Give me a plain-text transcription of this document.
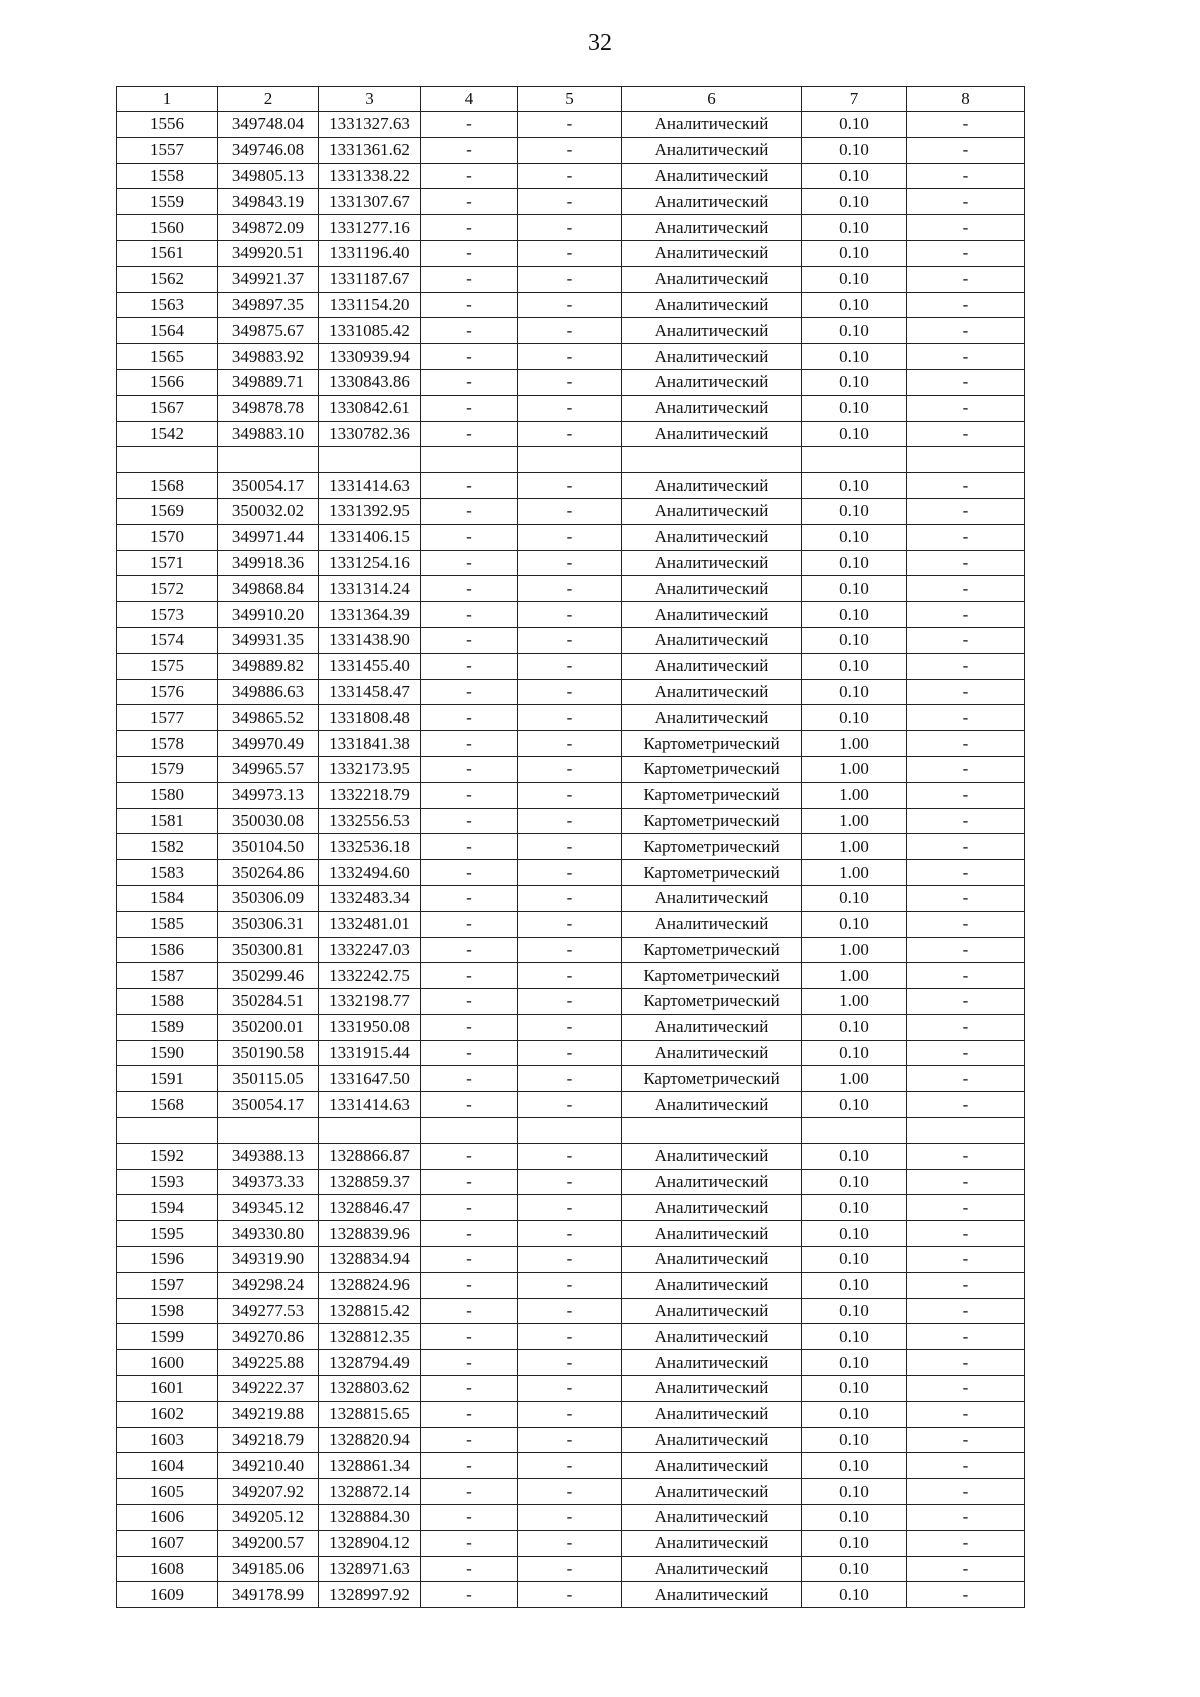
32
1	2	3	4	5	6	7	8
1556	349748.04	1331327.63	-	-	Аналитический	0.10	-
1557	349746.08	1331361.62	-	-	Аналитический	0.10	-
1558	349805.13	1331338.22	-	-	Аналитический	0.10	-
1559	349843.19	1331307.67	-	-	Аналитический	0.10	-
1560	349872.09	1331277.16	-	-	Аналитический	0.10	-
1561	349920.51	1331196.40	-	-	Аналитический	0.10	-
1562	349921.37	1331187.67	-	-	Аналитический	0.10	-
1563	349897.35	1331154.20	-	-	Аналитический	0.10	-
1564	349875.67	1331085.42	-	-	Аналитический	0.10	-
1565	349883.92	1330939.94	-	-	Аналитический	0.10	-
1566	349889.71	1330843.86	-	-	Аналитический	0.10	-
1567	349878.78	1330842.61	-	-	Аналитический	0.10	-
1542	349883.10	1330782.36	-	-	Аналитический	0.10	-

1568	350054.17	1331414.63	-	-	Аналитический	0.10	-
1569	350032.02	1331392.95	-	-	Аналитический	0.10	-
1570	349971.44	1331406.15	-	-	Аналитический	0.10	-
1571	349918.36	1331254.16	-	-	Аналитический	0.10	-
1572	349868.84	1331314.24	-	-	Аналитический	0.10	-
1573	349910.20	1331364.39	-	-	Аналитический	0.10	-
1574	349931.35	1331438.90	-	-	Аналитический	0.10	-
1575	349889.82	1331455.40	-	-	Аналитический	0.10	-
1576	349886.63	1331458.47	-	-	Аналитический	0.10	-
1577	349865.52	1331808.48	-	-	Аналитический	0.10	-
1578	349970.49	1331841.38	-	-	Картометрический	1.00	-
1579	349965.57	1332173.95	-	-	Картометрический	1.00	-
1580	349973.13	1332218.79	-	-	Картометрический	1.00	-
1581	350030.08	1332556.53	-	-	Картометрический	1.00	-
1582	350104.50	1332536.18	-	-	Картометрический	1.00	-
1583	350264.86	1332494.60	-	-	Картометрический	1.00	-
1584	350306.09	1332483.34	-	-	Аналитический	0.10	-
1585	350306.31	1332481.01	-	-	Аналитический	0.10	-
1586	350300.81	1332247.03	-	-	Картометрический	1.00	-
1587	350299.46	1332242.75	-	-	Картометрический	1.00	-
1588	350284.51	1332198.77	-	-	Картометрический	1.00	-
1589	350200.01	1331950.08	-	-	Аналитический	0.10	-
1590	350190.58	1331915.44	-	-	Аналитический	0.10	-
1591	350115.05	1331647.50	-	-	Картометрический	1.00	-
1568	350054.17	1331414.63	-	-	Аналитический	0.10	-

1592	349388.13	1328866.87	-	-	Аналитический	0.10	-
1593	349373.33	1328859.37	-	-	Аналитический	0.10	-
1594	349345.12	1328846.47	-	-	Аналитический	0.10	-
1595	349330.80	1328839.96	-	-	Аналитический	0.10	-
1596	349319.90	1328834.94	-	-	Аналитический	0.10	-
1597	349298.24	1328824.96	-	-	Аналитический	0.10	-
1598	349277.53	1328815.42	-	-	Аналитический	0.10	-
1599	349270.86	1328812.35	-	-	Аналитический	0.10	-
1600	349225.88	1328794.49	-	-	Аналитический	0.10	-
1601	349222.37	1328803.62	-	-	Аналитический	0.10	-
1602	349219.88	1328815.65	-	-	Аналитический	0.10	-
1603	349218.79	1328820.94	-	-	Аналитический	0.10	-
1604	349210.40	1328861.34	-	-	Аналитический	0.10	-
1605	349207.92	1328872.14	-	-	Аналитический	0.10	-
1606	349205.12	1328884.30	-	-	Аналитический	0.10	-
1607	349200.57	1328904.12	-	-	Аналитический	0.10	-
1608	349185.06	1328971.63	-	-	Аналитический	0.10	-
1609	349178.99	1328997.92	-	-	Аналитический	0.10	-
